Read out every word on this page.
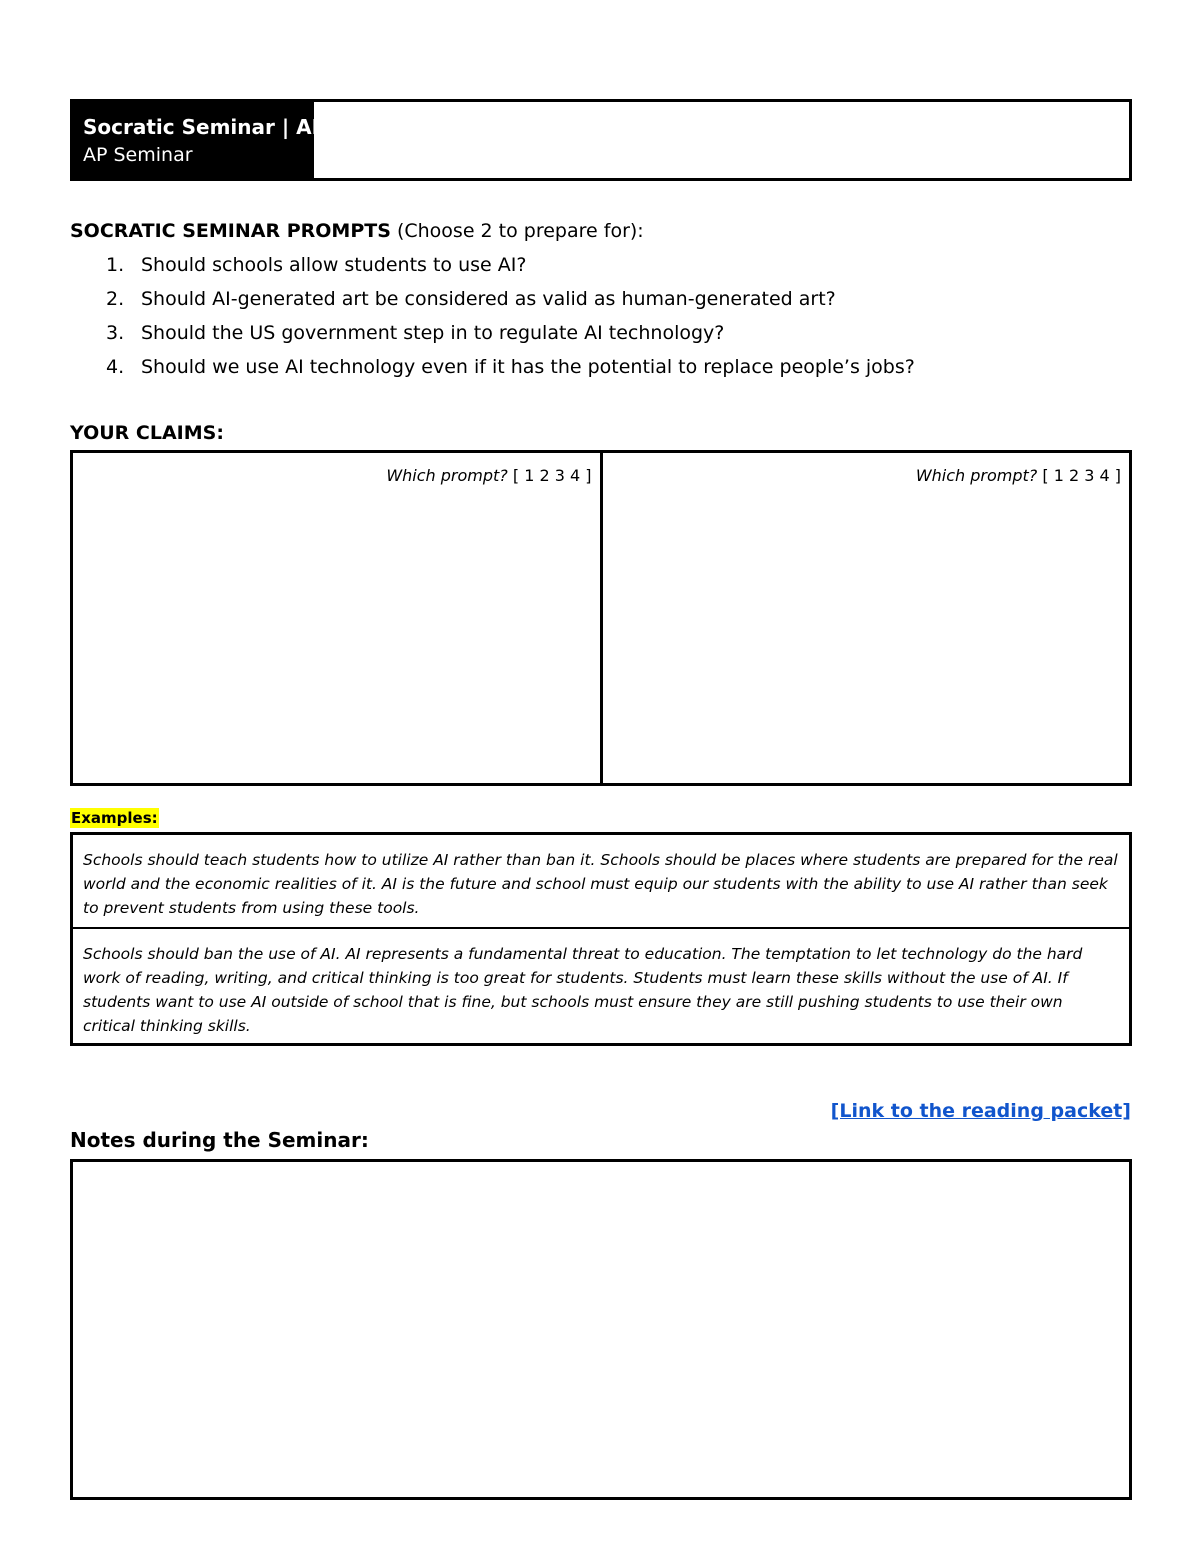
Socratic Seminar | AI
AP Seminar
SOCRATIC SEMINAR PROMPTS (Choose 2 to prepare for):
1. Should schools allow students to use AI?
2. Should AI-generated art be considered as valid as human-generated art?
3. Should the US government step in to regulate AI technology?
4. Should we use AI technology even if it has the potential to replace people’s jobs?
YOUR CLAIMS:
Which prompt? [ 1 2 3 4 ]	Which prompt? [ 1 2 3 4 ]
Examples:
Schools should teach students how to utilize AI rather than ban it. Schools should be places where students are prepared for the real world and the economic realities of it. AI is the future and school must equip our students with the ability to use AI rather than seek to prevent students from using these tools.
Schools should ban the use of AI. AI represents a fundamental threat to education. The temptation to let technology do the hard work of reading, writing, and critical thinking is too great for students. Students must learn these skills without the use of AI. If students want to use AI outside of school that is fine, but schools must ensure they are still pushing students to use their own critical thinking skills.
[Link to the reading packet]
Notes during the Seminar:
